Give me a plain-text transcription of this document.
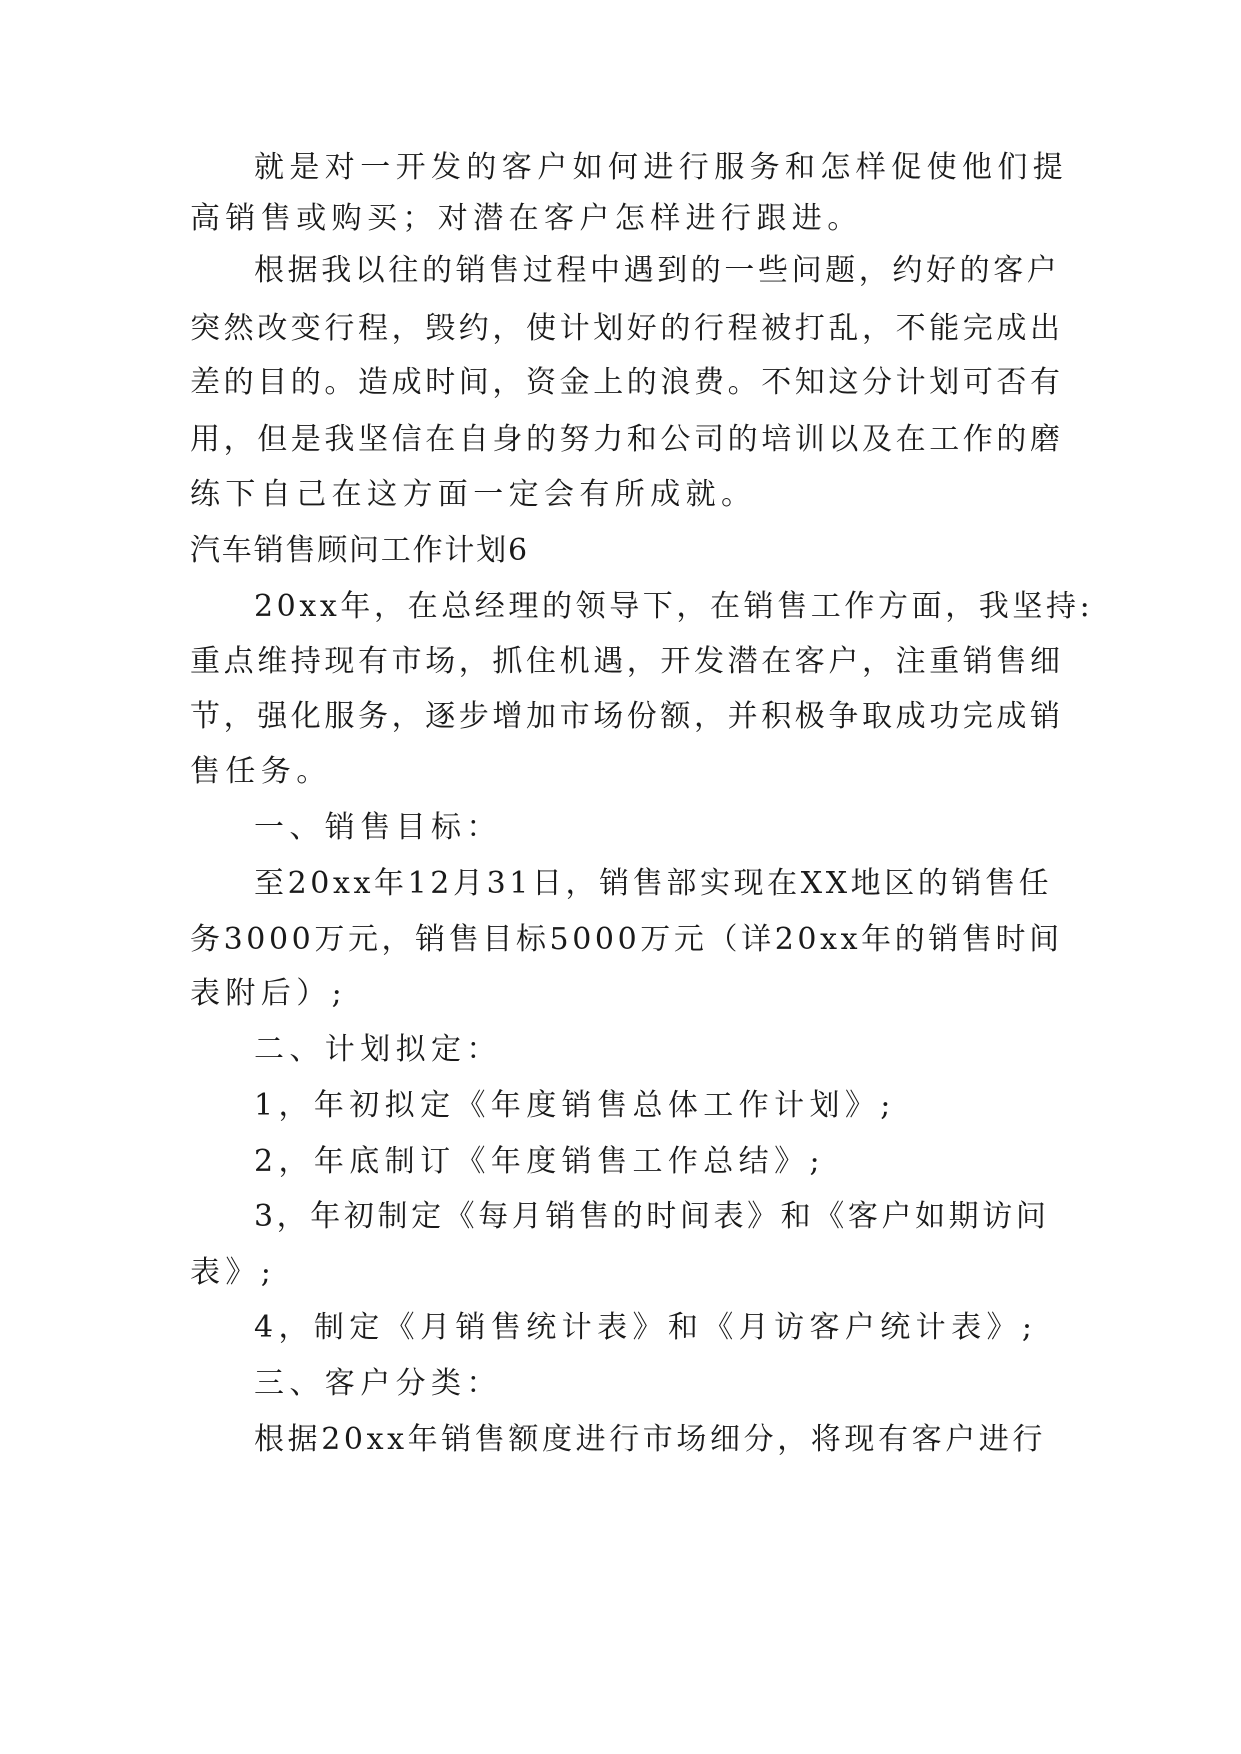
就是对一开发的客户如何进行服务和怎样促使他们提
高销售或购买；对潜在客户怎样进行跟进。
根据我以往的销售过程中遇到的一些问题，约好的客户
突然改变行程，毁约，使计划好的行程被打乱，不能完成出
差的目的。造成时间，资金上的浪费。不知这分计划可否有
用，但是我坚信在自身的努力和公司的培训以及在工作的磨
练下自己在这方面一定会有所成就。
汽车销售顾问工作计划6
20xx年，在总经理的领导下，在销售工作方面，我坚持:
重点维持现有市场，抓住机遇，开发潜在客户，注重销售细
节，强化服务，逐步增加市场份额，并积极争取成功完成销
售任务。
一、销售目标：
至20xx年12月31日，销售部实现在XX地区的销售任
务3000万元，销售目标5000万元（详20xx年的销售时间
表附后）;
二、计划拟定：
1，年初拟定《年度销售总体工作计划》;
2，年底制订《年度销售工作总结》;
3，年初制定《每月销售的时间表》和《客户如期访问
表》;
4，制定《月销售统计表》和《月访客户统计表》;
三、客户分类：
根据20xx年销售额度进行市场细分，将现有客户进行
